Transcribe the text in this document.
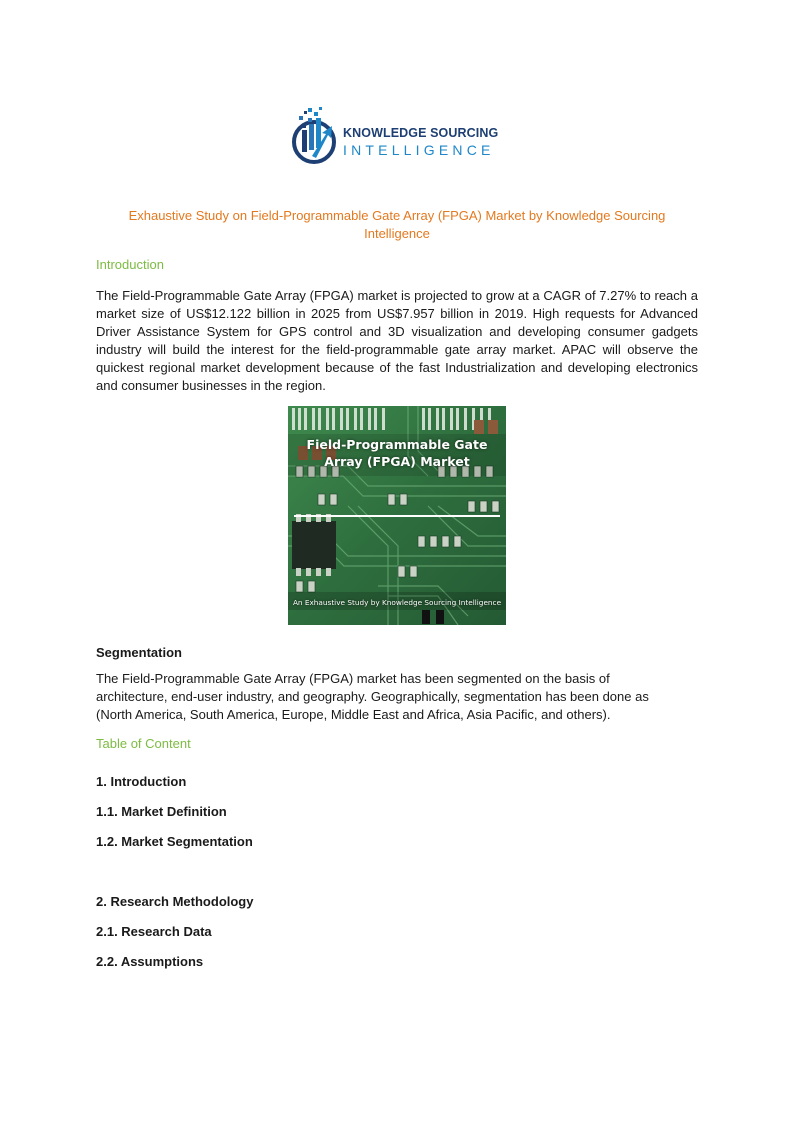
KNOWLEDGE SOURCING
INTELLIGENCE
Exhaustive Study on Field-Programmable Gate Array (FPGA) Market by Knowledge Sourcing Intelligence
Introduction
The Field-Programmable Gate Array (FPGA) market is projected to grow at a CAGR of 7.27% to reach a market size of US$12.122 billion in 2025 from US$7.957 billion in 2019. High requests for Advanced Driver Assistance System for GPS control and 3D visualization and developing consumer gadgets industry will build the interest for the field-programmable gate array market. APAC will observe the quickest regional market development because of the fast Industrialization and developing electronics and consumer businesses in the region.
Field-Programmable Gate Array (FPGA) Market
An Exhaustive Study by Knowledge Sourcing Intelligence
Segmentation
The Field-Programmable Gate Array (FPGA) market has been segmented on the basis of architecture, end-user industry, and geography. Geographically, segmentation has been done as (North America, South America, Europe, Middle East and Africa, Asia Pacific, and others).
Table of Content
1. Introduction
1.1. Market Definition
1.2. Market Segmentation
2. Research Methodology
2.1. Research Data
2.2. Assumptions
